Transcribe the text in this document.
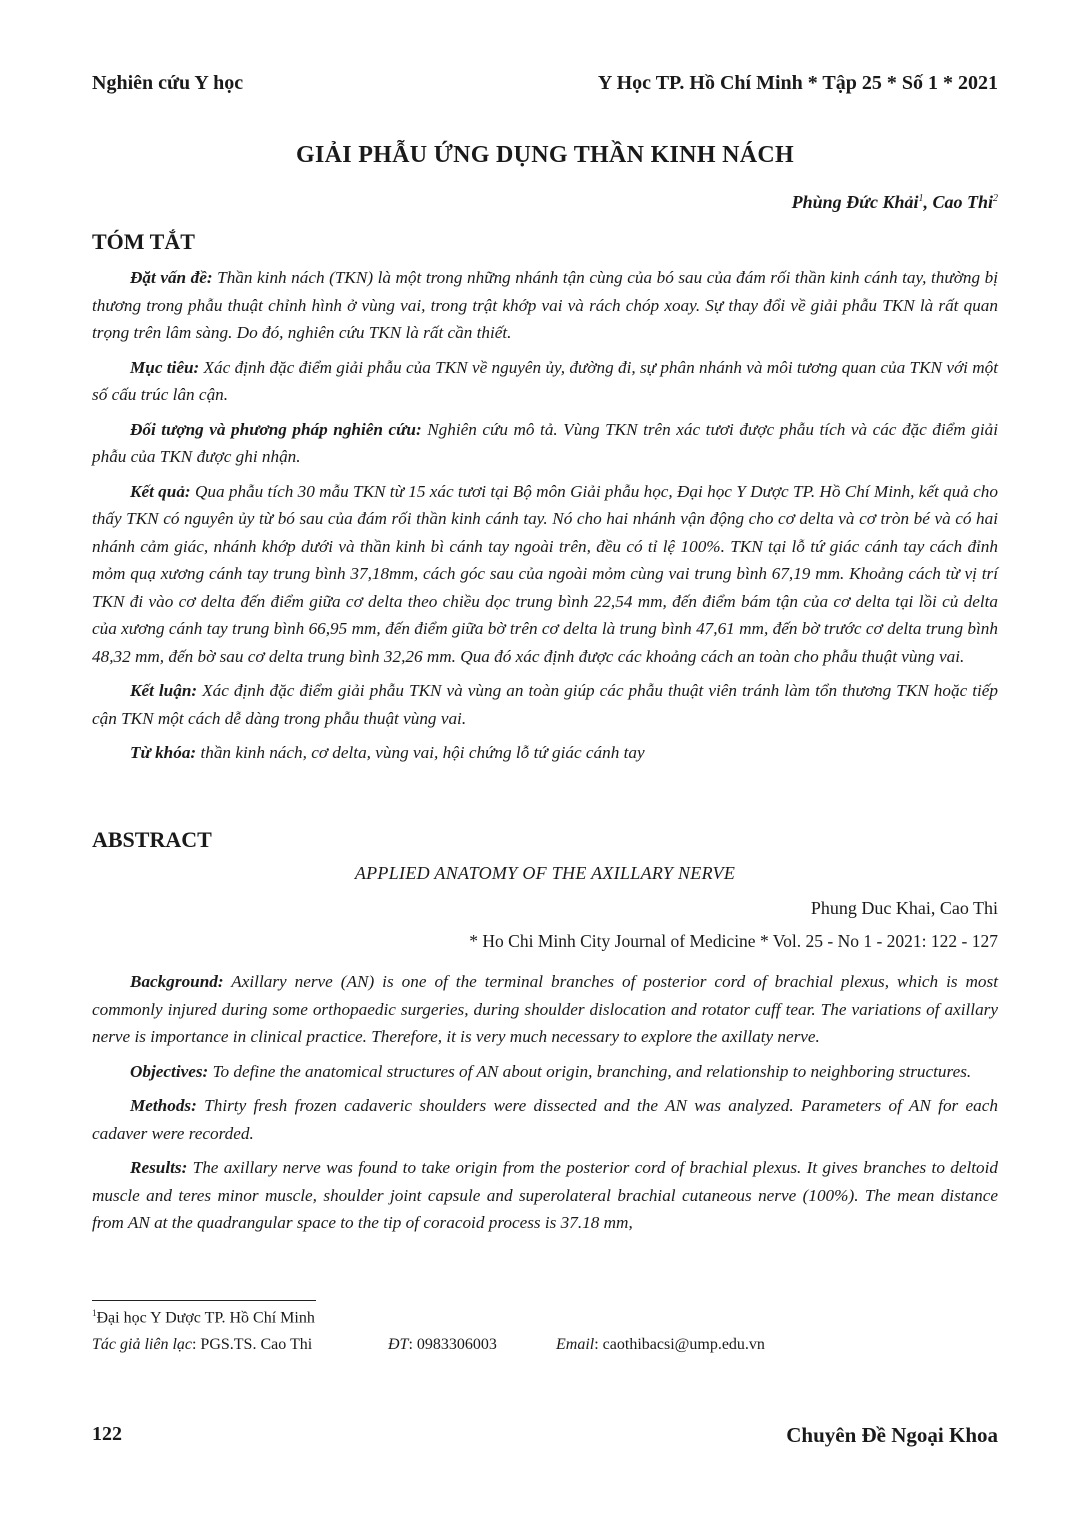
Nghiên cứu Y học	Y Học TP. Hồ Chí Minh * Tập 25 * Số 1 * 2021
GIẢI PHẪU ỨNG DỤNG THẦN KINH NÁCH
Phùng Đức Khải$^1$, Cao Thi$^2$
TÓM TẮT

Đặt vấn đề: Thần kinh nách (TKN) là một trong những nhánh tận cùng của bó sau của đám rối thần kinh cánh tay, thường bị thương trong phẫu thuật chỉnh hình ở vùng vai, trong trật khớp vai và rách chóp xoay. Sự thay đổi về giải phẫu TKN là rất quan trọng trên lâm sàng. Do đó, nghiên cứu TKN là rất cần thiết.

Mục tiêu: Xác định đặc điểm giải phẫu của TKN về nguyên ủy, đường đi, sự phân nhánh và môi tương quan của TKN với một số cấu trúc lân cận.

Đối tượng và phương pháp nghiên cứu: Nghiên cứu mô tả. Vùng TKN trên xác tươi được phẫu tích và các đặc điểm giải phẫu của TKN được ghi nhận.

Kết quả: Qua phẫu tích 30 mẫu TKN từ 15 xác tươi tại Bộ môn Giải phẫu học, Đại học Y Dược TP. Hồ Chí Minh, kết quả cho thấy TKN có nguyên ủy từ bó sau của đám rối thần kinh cánh tay. Nó cho hai nhánh vận động cho cơ delta và cơ tròn bé và có hai nhánh cảm giác, nhánh khớp dưới và thần kinh bì cánh tay ngoài trên, đều có tỉ lệ 100%. TKN tại lỗ tứ giác cánh tay cách đỉnh mỏm quạ xương cánh tay trung bình 37,18mm, cách góc sau của ngoài mỏm cùng vai trung bình 67,19 mm. Khoảng cách từ vị trí TKN đi vào cơ delta đến điểm giữa cơ delta theo chiều dọc trung bình 22,54 mm, đến điểm bám tận của cơ delta tại lồi củ delta của xương cánh tay trung bình 66,95 mm, đến điểm giữa bờ trên cơ delta là trung bình 47,61 mm, đến bờ trước cơ delta trung bình 48,32 mm, đến bờ sau cơ delta trung bình 32,26 mm. Qua đó xác định được các khoảng cách an toàn cho phẫu thuật vùng vai.

Kết luận: Xác định đặc điểm giải phẫu TKN và vùng an toàn giúp các phẫu thuật viên tránh làm tổn thương TKN hoặc tiếp cận TKN một cách dễ dàng trong phẫu thuật vùng vai.

Từ khóa: thần kinh nách, cơ delta, vùng vai, hội chứng lỗ tứ giác cánh tay

ABSTRACT
APPLIED ANATOMY OF THE AXILLARY NERVE
Phung Duc Khai, Cao Thi
* Ho Chi Minh City Journal of Medicine * Vol. 25 - No 1 - 2021: 122 - 127

Background: Axillary nerve (AN) is one of the terminal branches of posterior cord of brachial plexus, which is most commonly injured during some orthopaedic surgeries, during shoulder dislocation and rotator cuff tear. The variations of axillary nerve is importance in clinical practice. Therefore, it is very much necessary to explore the axillaty nerve.

Objectives: To define the anatomical structures of AN about origin, branching, and relationship to neighboring structures.

Methods: Thirty fresh frozen cadaveric shoulders were dissected and the AN was analyzed. Parameters of AN for each cadaver were recorded.

Results: The axillary nerve was found to take origin from the posterior cord of brachial plexus. It gives branches to deltoid muscle and teres minor muscle, shoulder joint capsule and superolateral brachial cutaneous nerve (100%). The mean distance from AN at the quadrangular space to the tip of coracoid process is 37.18 mm,

$^1$Đại học Y Dược TP. Hồ Chí Minh
Tác giả liên lạc: PGS.TS. Cao Thi	ĐT: 0983306003	Email: caothibacsi@ump.edu.vn
122	Chuyên Đề Ngoại Khoa
